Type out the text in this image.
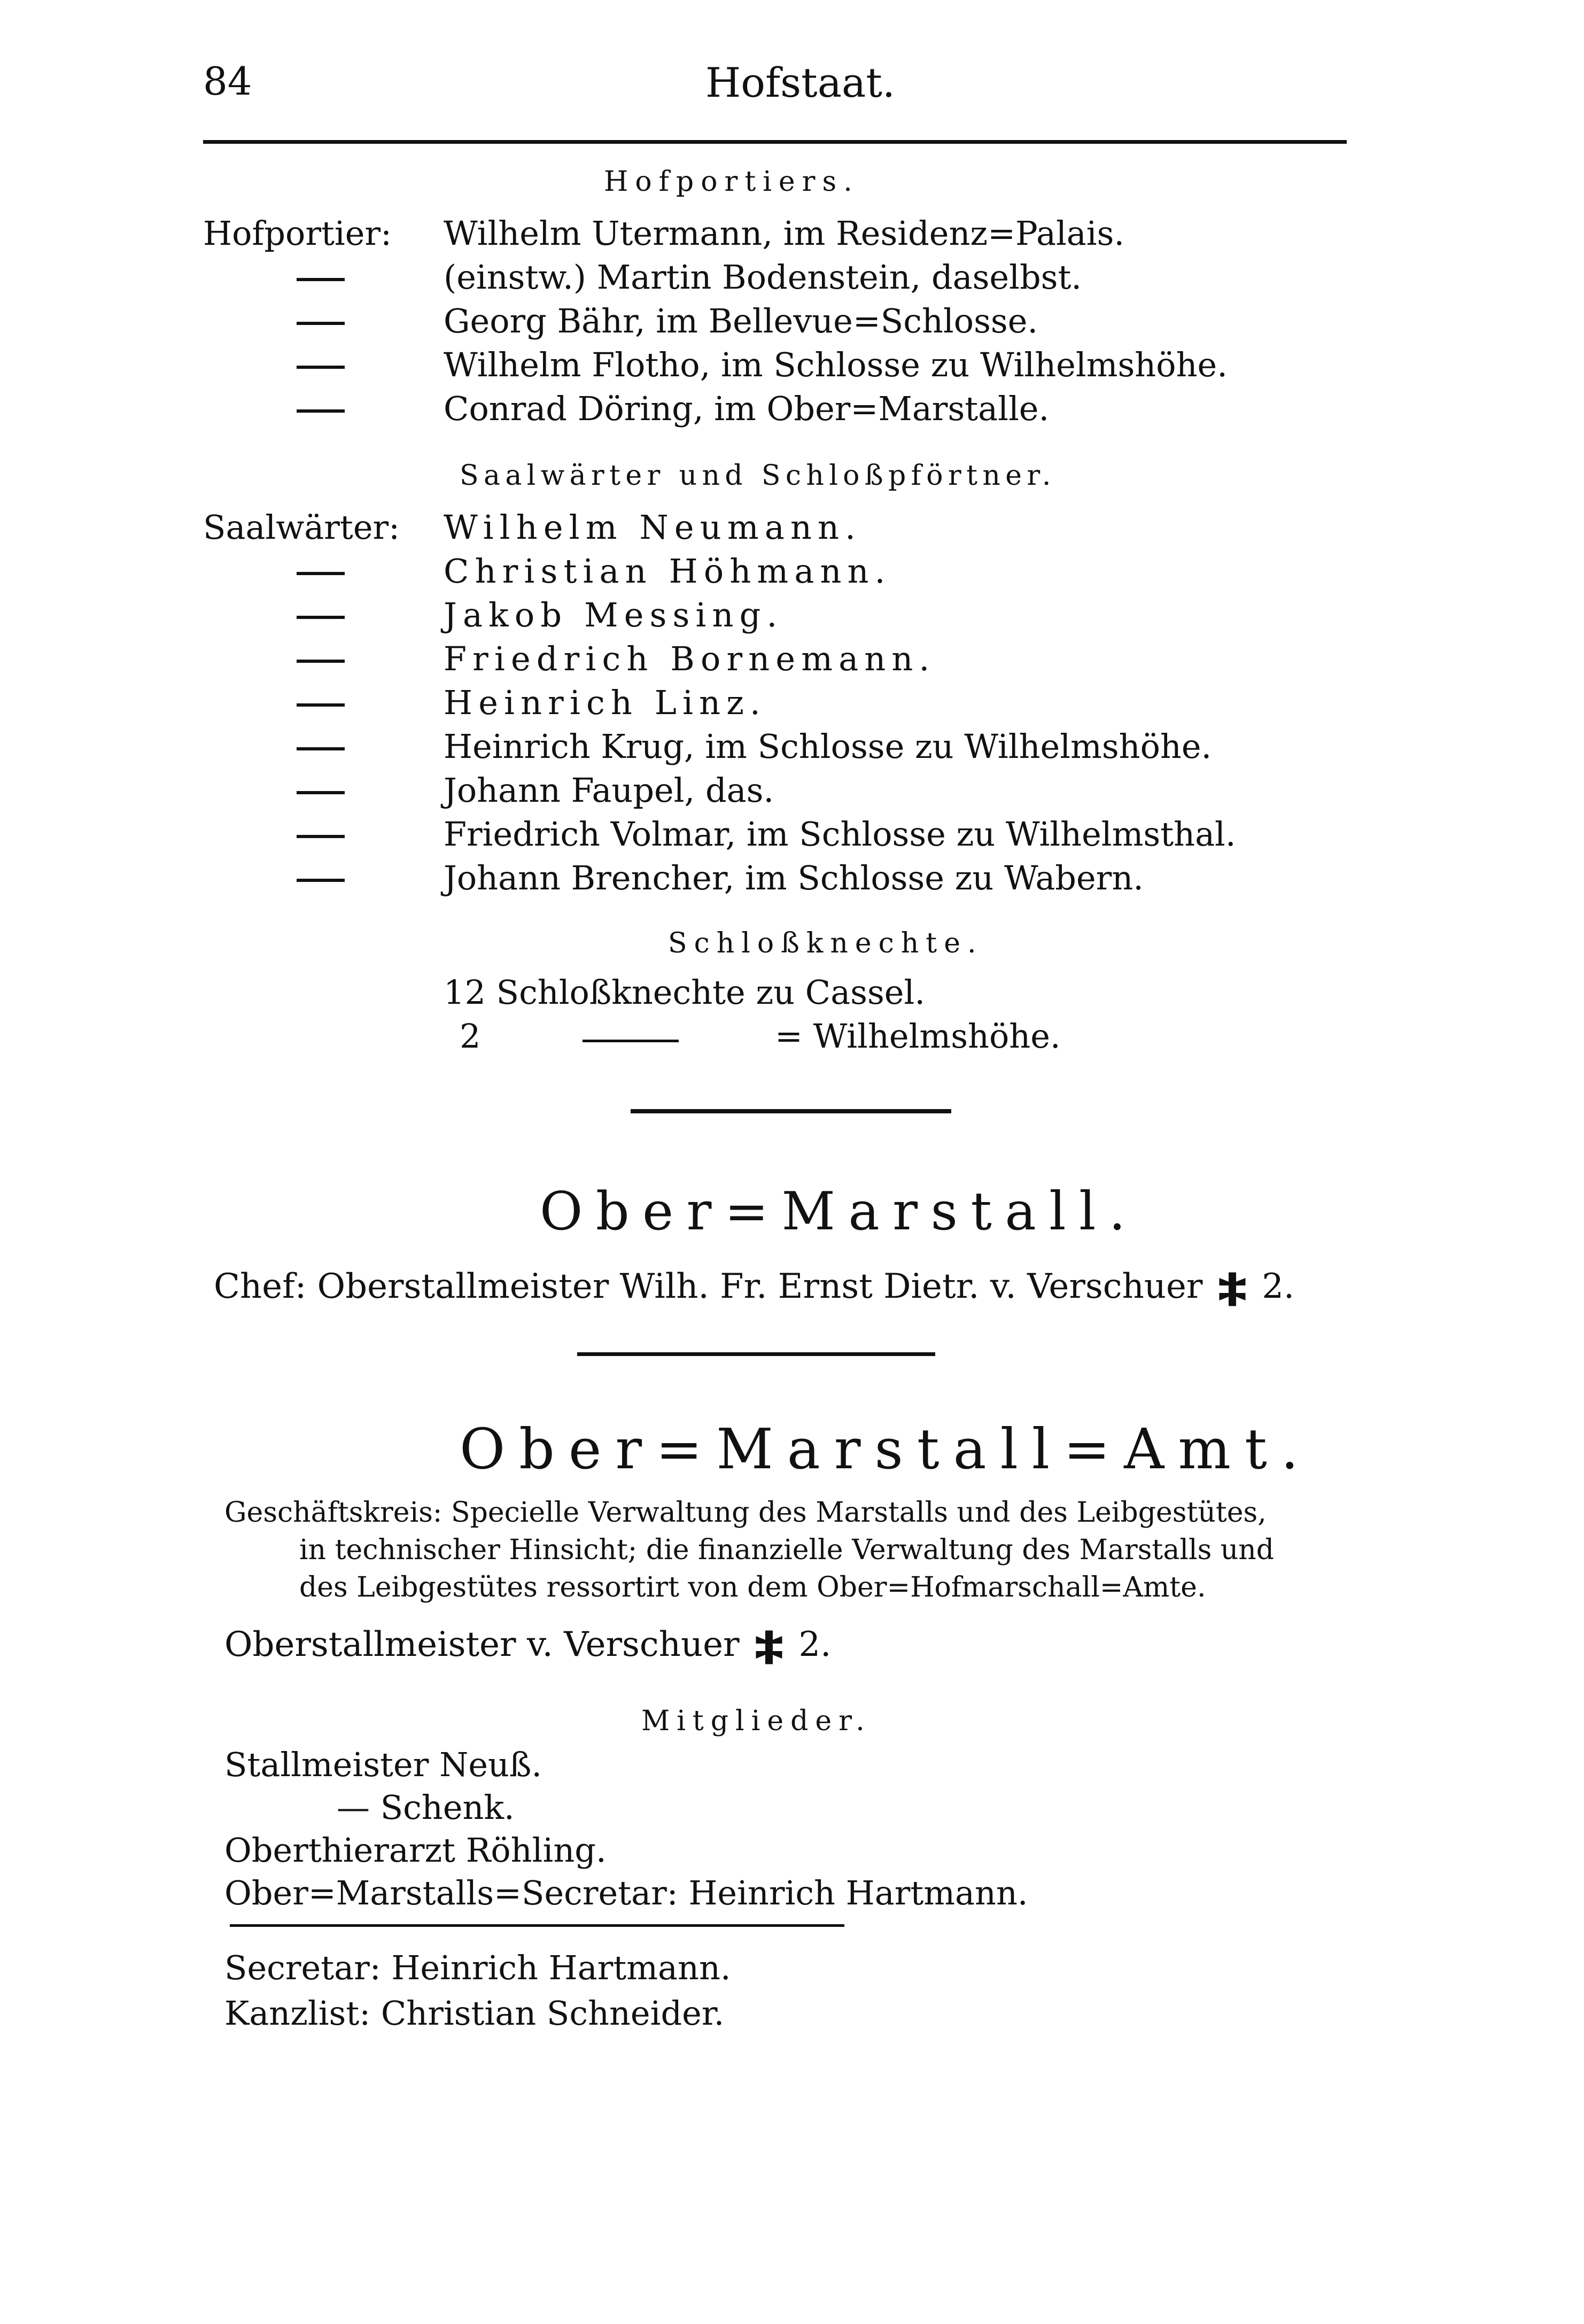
84	Hofstaat.
Hofportiers.
Hofportier: Wilhelm Utermann, im Residenz=Palais.
(einstw.) Martin Bodenstein, daselbst.
Georg Bähr, im Bellevue=Schlosse.
Wilhelm Flotho, im Schlosse zu Wilhelmshöhe.
Conrad Döring, im Ober=Marstalle.
Saalwärter und Schloßpförtner.
Saalwärter: Wilhelm Neumann.
Christian Höhmann.
Jakob Messing.
Friedrich Bornemann.
Heinrich Linz.
Heinrich Krug, im Schlosse zu Wilhelmshöhe.
Johann Faupel, das.
Friedrich Volmar, im Schlosse zu Wilhelmsthal.
Johann Brencher, im Schlosse zu Wabern.
Schloßknechte.
12 Schloßknechte zu Cassel.
2	= Wilhelmshöhe.
Ober=Marstall.
Chef: Oberstallmeister Wilh. Fr. Ernst Dietr. v. Verschuer 2.
Ober=Marstall=Amt.
Geschäftskreis: Specielle Verwaltung des Marstalls und des Leibgestütes,
in technischer Hinsicht; die finanzielle Verwaltung des Marstalls und
des Leibgestütes ressortirt von dem Ober=Hofmarschall=Amte.
Oberstallmeister v. Verschuer 2.
Mitglieder.
Stallmeister Neuß.
— Schenk.
Oberthierarzt Röhling.
Ober=Marstalls=Secretar: Heinrich Hartmann.
Secretar: Heinrich Hartmann.
Kanzlist: Christian Schneider.
